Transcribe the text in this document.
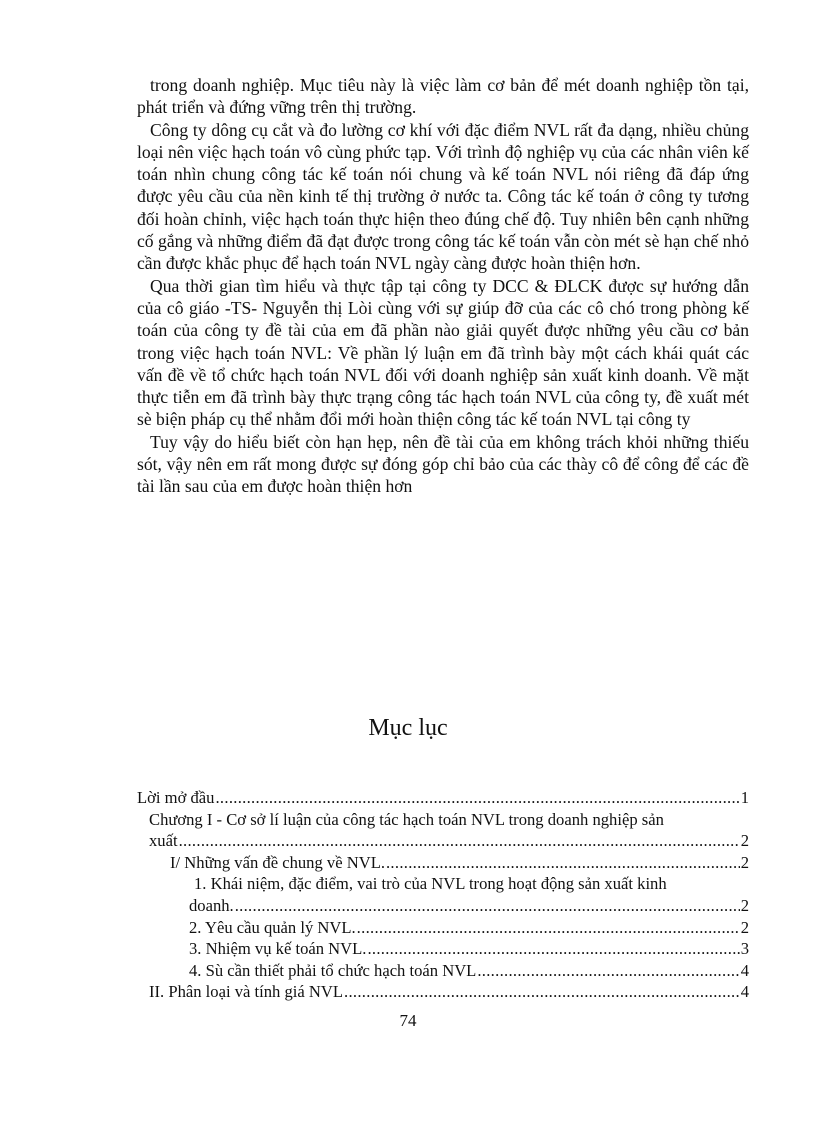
trong doanh nghiệp. Mục tiêu này là việc làm cơ bản để mét doanh nghiệp tồn tại, phát triển và đứng vững trên thị trường.

Công ty dông cụ cắt và đo lường cơ khí với đặc điểm NVL rất đa dạng, nhiều chủng loại nên việc hạch toán vô cùng phức tạp. Với trình độ nghiệp vụ của các nhân viên kế toán nhìn chung công tác kế toán nói chung và kế toán NVL nói riêng đã đáp ứng được yêu cầu của nền kinh tế thị trường ở nước ta. Công tác kế toán ở công ty tương đối hoàn chỉnh, việc hạch toán thực hiện theo đúng chế độ. Tuy nhiên bên cạnh những cố gắng và những điểm đã đạt được trong công tác kế toán vẫn còn mét sè hạn chế nhỏ cần được khắc phục để hạch toán NVL ngày càng được hoàn thiện hơn.

Qua thời gian tìm hiểu và thực tập tại công ty DCC & ĐLCK được sự hướng dẫn của cô giáo -TS- Nguyễn thị Lòi cùng với sự giúp đỡ của các cô chó trong phòng kế toán của công ty đề tài của em đã phần nào giải quyết được những yêu cầu cơ bản trong việc hạch toán NVL: Về phần lý luận em đã trình bày một cách khái quát các vấn đề về tổ chức hạch toán NVL đối với doanh nghiệp sản xuất kinh doanh. Về mặt thực tiễn em đã trình bày thực trạng công tác hạch toán NVL của công ty, đề xuất mét sè biện pháp cụ thể nhằm đổi mới hoàn thiện công tác kế toán NVL tại công ty

Tuy vậy do hiểu biết còn hạn hẹp, nên đề tài của em không trách khỏi những thiếu sót, vậy nên em rất mong được sự đóng góp chỉ bảo của các thày cô để công để các đề tài lần sau của em được hoàn thiện hơn

Mục lục
Lời mở đầu .....	1
Chương I - Cơ sở lí luận của công tác hạch toán NVL trong doanh nghiệp sản
xuất .....	2
I/ Những vấn đề chung về NVL. .....	2
1. Khái niệm, đặc điểm, vai trò của NVL trong hoạt động sản xuất kinh
doanh. .....	2
2. Yêu cầu quản lý NVL. .....	2
3. Nhiệm vụ kế toán NVL. .....	3
4. Sù cần thiết phải tổ chức hạch toán NVL .....	4
II. Phân loại và tính giá NVL .....	4
74
